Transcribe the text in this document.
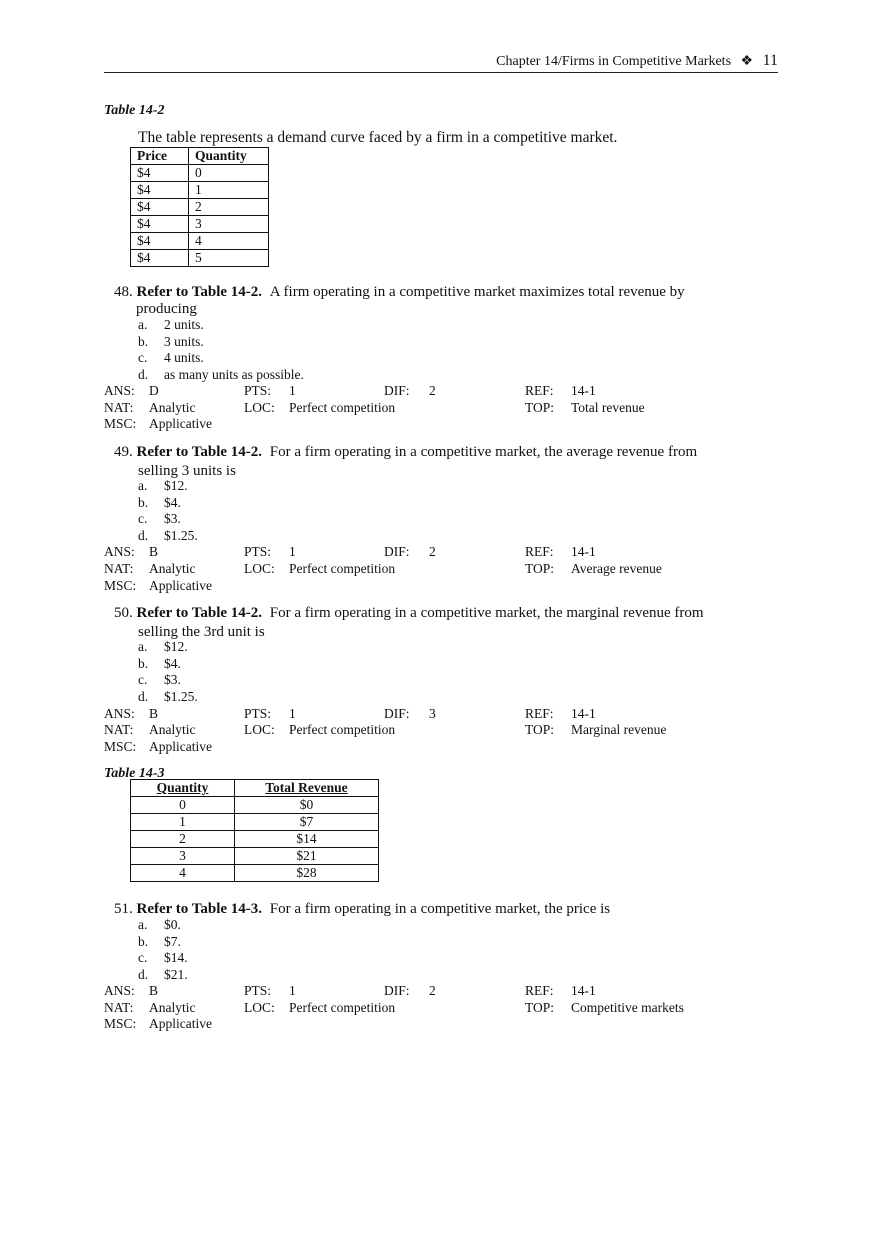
Chapter 14/Firms in Competitive Markets ❖ 11
Table 14-2
The table represents a demand curve faced by a firm in a competitive market.
Price	Quantity
$4	0
$4	1
$4	2
$4	3
$4	4
$4	5
48. Refer to Table 14-2. A firm operating in a competitive market maximizes total revenue by
producing
a. 2 units.
b. 3 units.
c. 4 units.
d. as many units as possible.
ANS: D	PTS: 1	DIF: 2	REF: 14-1
NAT: Analytic	LOC: Perfect competition	TOP: Total revenue
MSC: Applicative
49. Refer to Table 14-2. For a firm operating in a competitive market, the average revenue from
selling 3 units is
a. $12.
b. $4.
c. $3.
d. $1.25.
ANS: B	PTS: 1	DIF: 2	REF: 14-1
NAT: Analytic	LOC: Perfect competition	TOP: Average revenue
MSC: Applicative
50. Refer to Table 14-2. For a firm operating in a competitive market, the marginal revenue from
selling the 3rd unit is
a. $12.
b. $4.
c. $3.
d. $1.25.
ANS: B	PTS: 1	DIF: 3	REF: 14-1
NAT: Analytic	LOC: Perfect competition	TOP: Marginal revenue
MSC: Applicative
Table 14-3
Quantity	Total Revenue
0	$0
1	$7
2	$14
3	$21
4	$28
51. Refer to Table 14-3. For a firm operating in a competitive market, the price is
a. $0.
b. $7.
c. $14.
d. $21.
ANS: B	PTS: 1	DIF: 2	REF: 14-1
NAT: Analytic	LOC: Perfect competition	TOP: Competitive markets
MSC: Applicative
